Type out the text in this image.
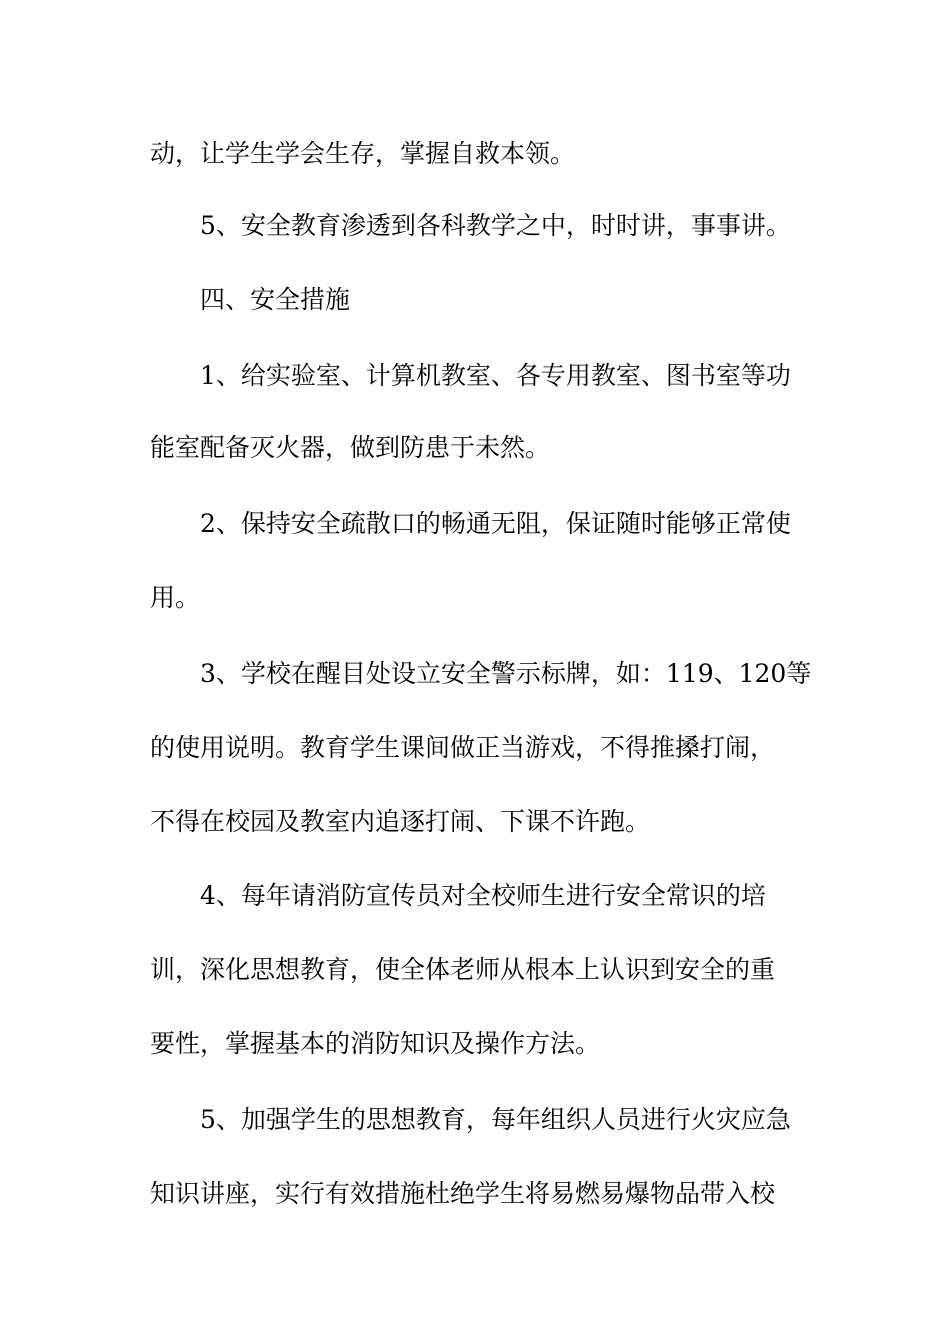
动，让学生学会生存，掌握自救本领。
5、安全教育渗透到各科教学之中，时时讲，事事讲。
四、安全措施
1、给实验室、计算机教室、各专用教室、图书室等功
能室配备灭火器，做到防患于未然。
2、保持安全疏散口的畅通无阻，保证随时能够正常使
用。
3、学校在醒目处设立安全警示标牌，如：119、120等
的使用说明。教育学生课间做正当游戏，不得推搡打闹，
不得在校园及教室内追逐打闹、下课不许跑。
4、每年请消防宣传员对全校师生进行安全常识的培
训，深化思想教育，使全体老师从根本上认识到安全的重
要性，掌握基本的消防知识及操作方法。
5、加强学生的思想教育，每年组织人员进行火灾应急
知识讲座，实行有效措施杜绝学生将易燃易爆物品带入校
